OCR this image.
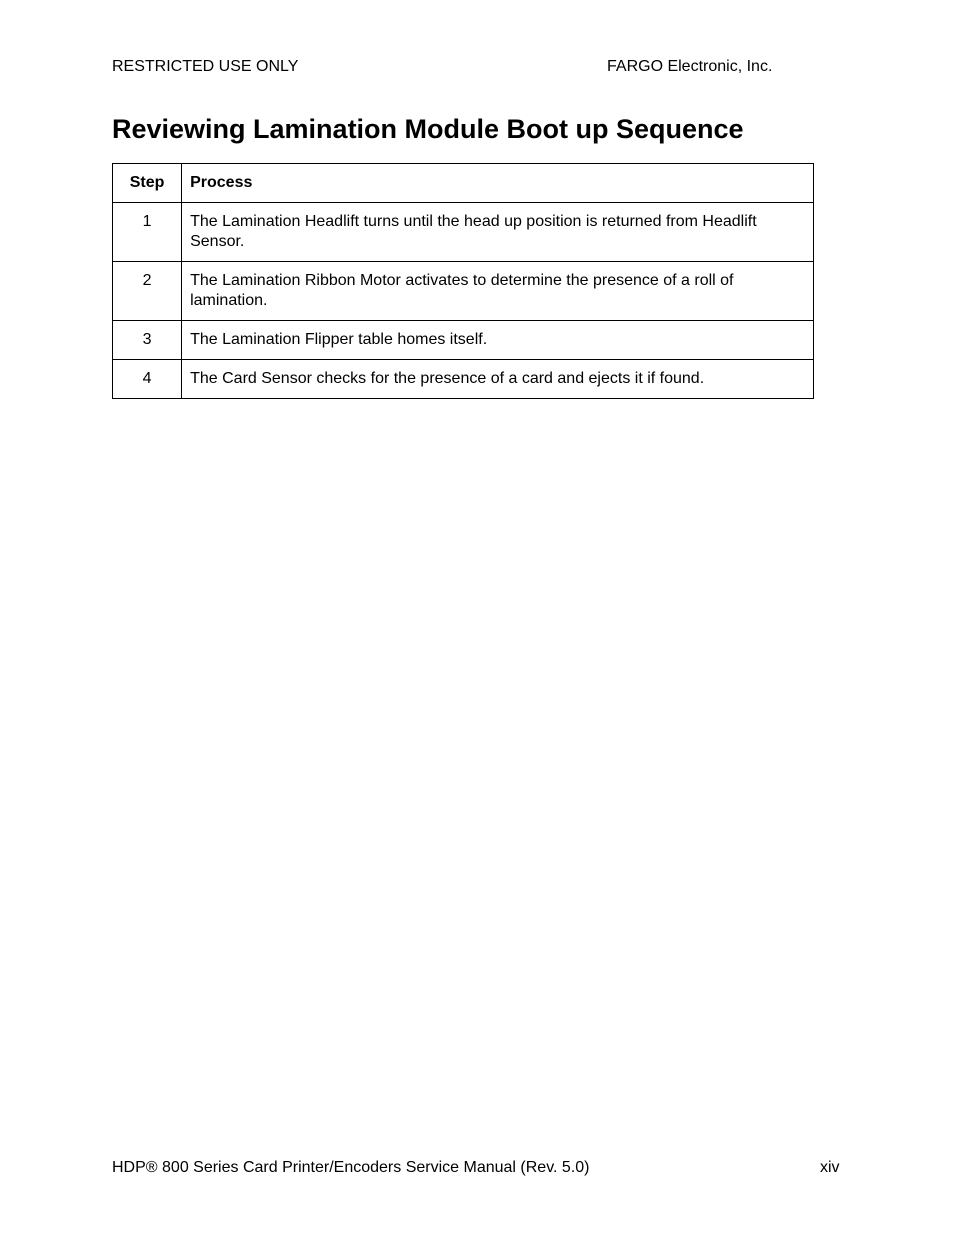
RESTRICTED USE ONLY	FARGO Electronic, Inc.
Reviewing Lamination Module Boot up Sequence
Step	Process

1	The Lamination Headlift turns until the head up position is returned from Headlift Sensor.

2	The Lamination Ribbon Motor activates to determine the presence of a roll of lamination.

3	The Lamination Flipper table homes itself.

4	The Card Sensor checks for the presence of a card and ejects it if found.
HDP® 800 Series Card Printer/Encoders Service Manual (Rev. 5.0)	xiv
